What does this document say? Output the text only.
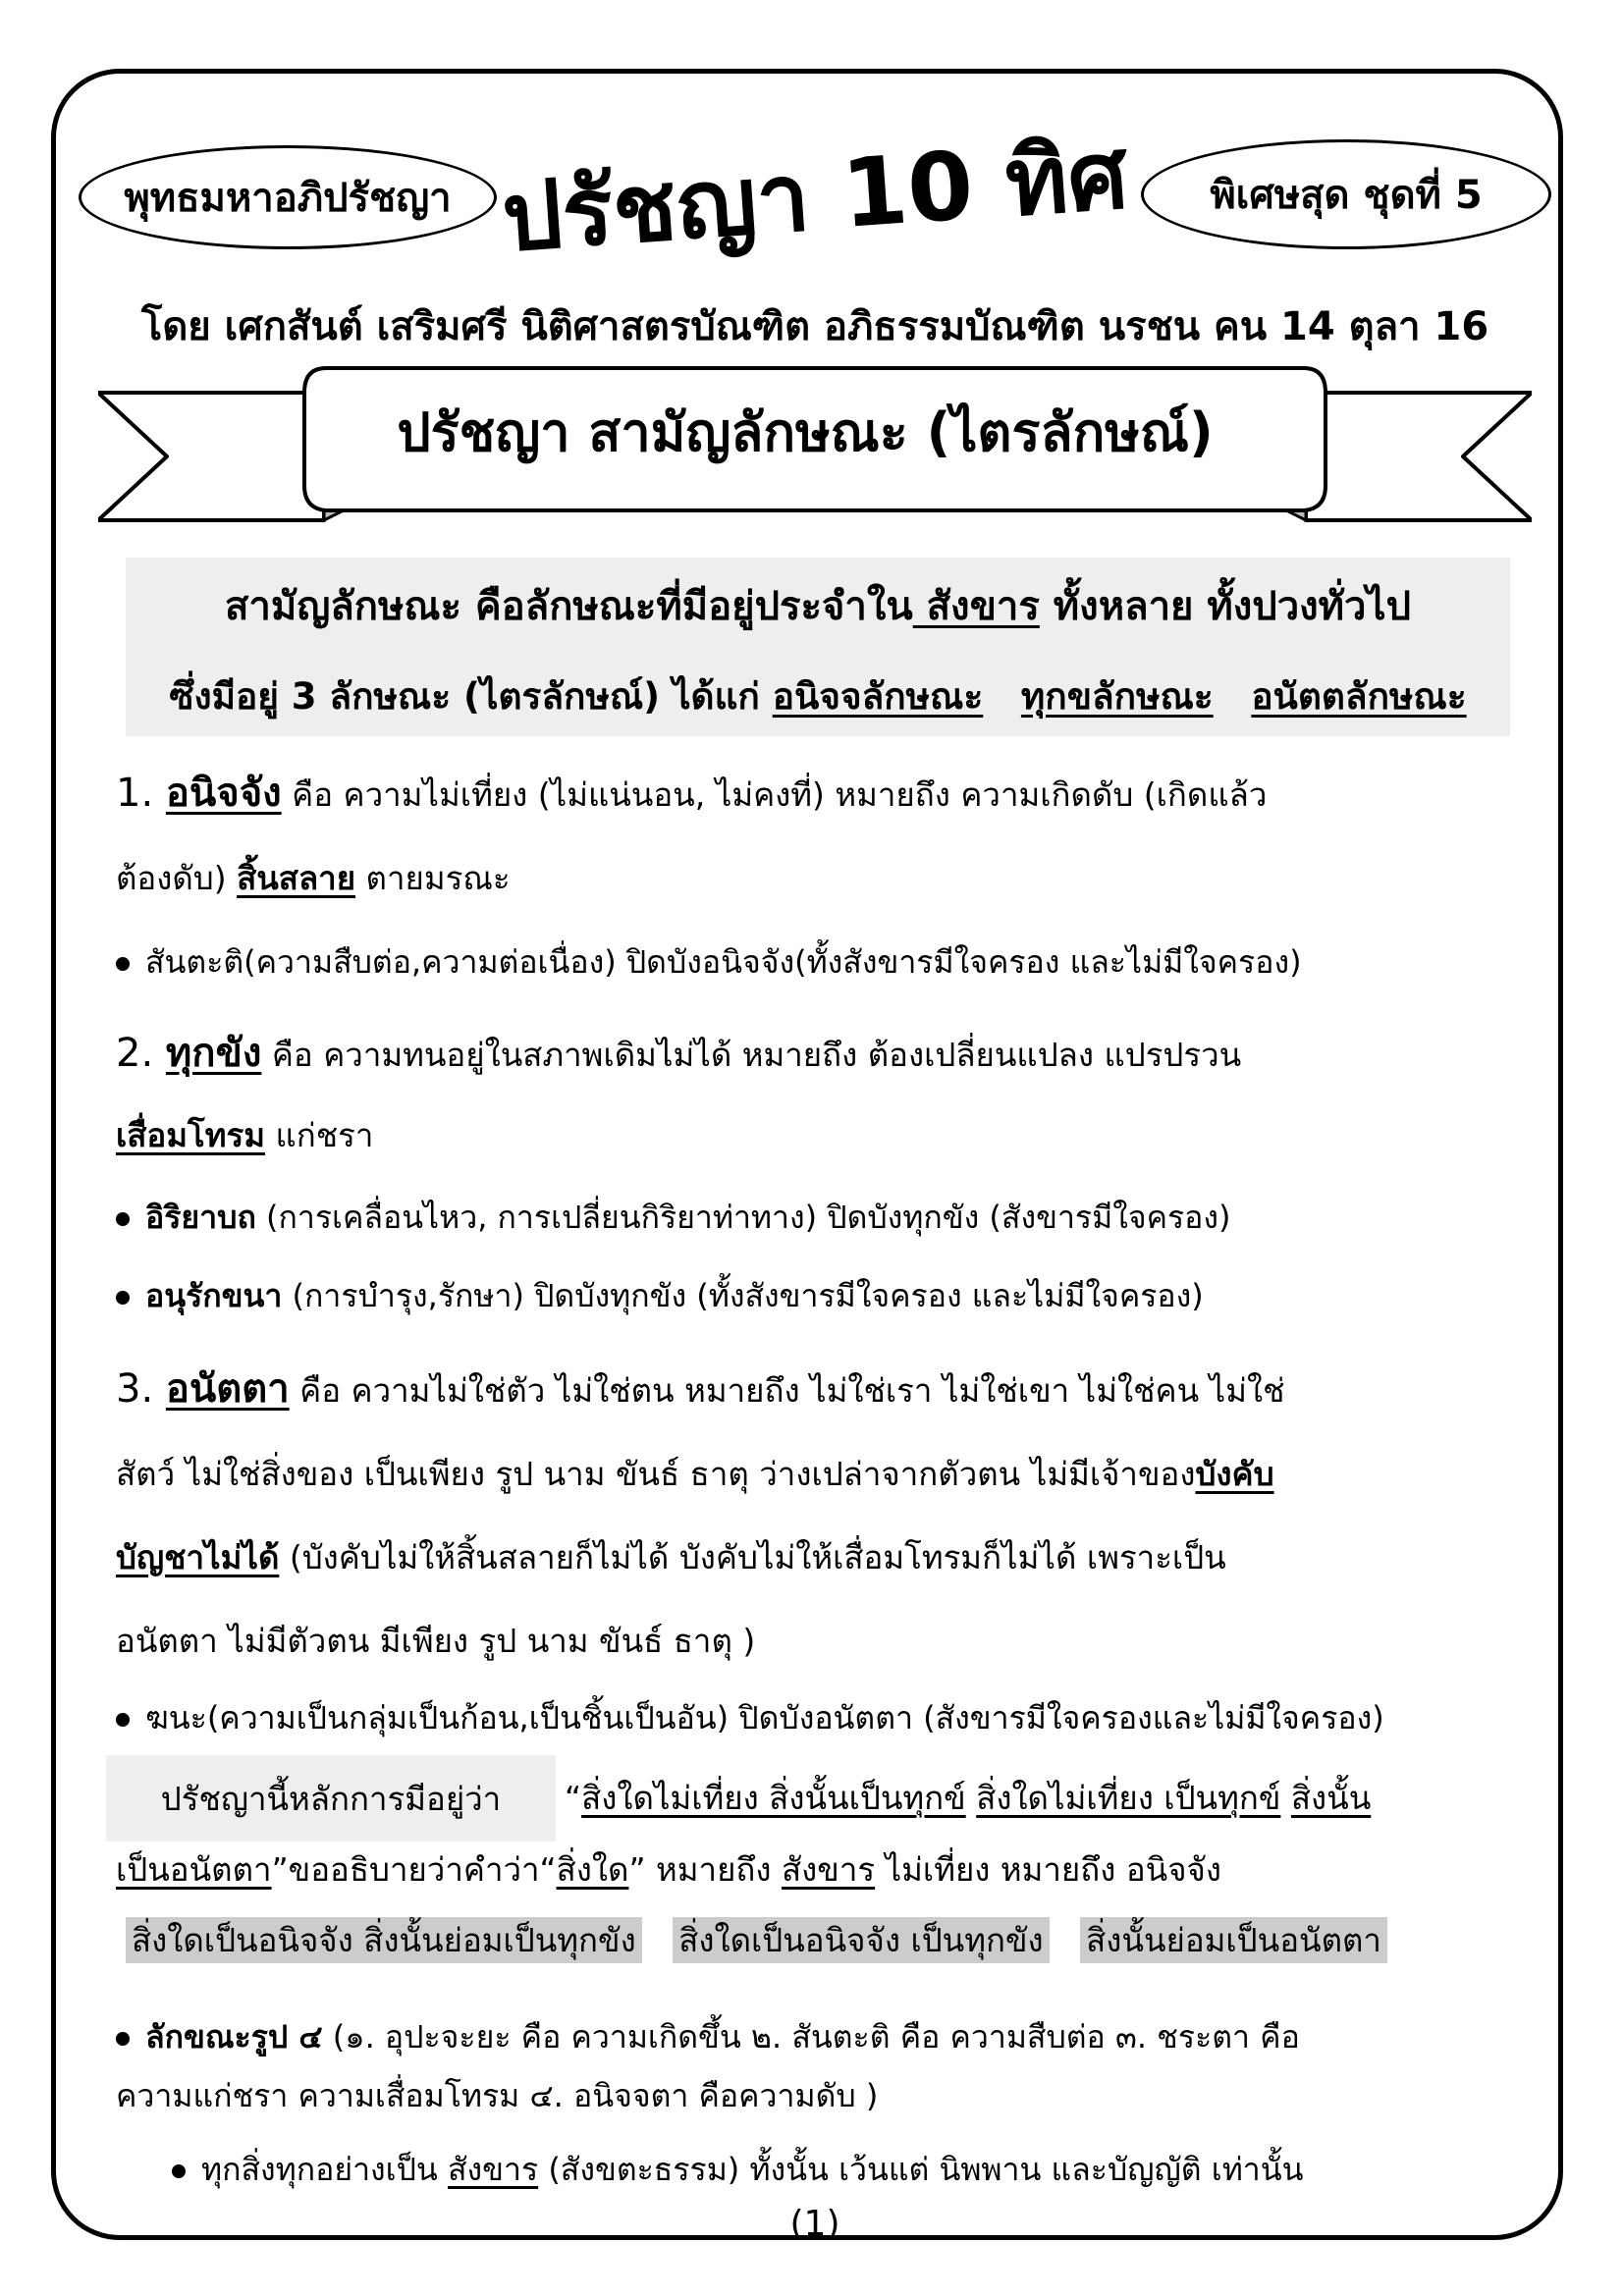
พุทธมหาอภิปรัชญา ปรัชญา 10 ทิศ พิเศษสุด ชุดที่ 5
โดย เศกสันต์ เสริมศรี นิติศาสตรบัณฑิต อภิธรรมบัณฑิต นรชน คน 14 ตุลา 16
ปรัชญา สามัญลักษณะ (ไตรลักษณ์)
สามัญลักษณะ คือลักษณะที่มีอยู่ประจำใน สังขาร ทั้งหลาย ทั้งปวงทั่วไป
ซึ่งมีอยู่ 3 ลักษณะ (ไตรลักษณ์) ได้แก่ อนิจจลักษณะ ทุกขลักษณะ อนัตตลักษณะ
1. อนิจจัง คือ ความไม่เที่ยง (ไม่แน่นอน, ไม่คงที่) หมายถึง ความเกิดดับ (เกิดแล้ว
ต้องดับ) สิ้นสลาย ตายมรณะ
สันตะติ(ความสืบต่อ,ความต่อเนื่อง) ปิดบังอนิจจัง(ทั้งสังขารมีใจครอง และไม่มีใจครอง)
2. ทุกขัง คือ ความทนอยู่ในสภาพเดิมไม่ได้ หมายถึง ต้องเปลี่ยนแปลง แปรปรวน
เสื่อมโทรม แก่ชรา
อิริยาบถ (การเคลื่อนไหว, การเปลี่ยนกิริยาท่าทาง) ปิดบังทุกขัง (สังขารมีใจครอง)
อนุรักขนา (การบำรุง,รักษา) ปิดบังทุกขัง (ทั้งสังขารมีใจครอง และไม่มีใจครอง)
3. อนัตตา คือ ความไม่ใช่ตัว ไม่ใช่ตน หมายถึง ไม่ใช่เรา ไม่ใช่เขา ไม่ใช่คน ไม่ใช่
สัตว์ ไม่ใช่สิ่งของ เป็นเพียง รูป นาม ขันธ์ ธาตุ ว่างเปล่าจากตัวตน ไม่มีเจ้าของบังคับ
บัญชาไม่ได้ (บังคับไม่ให้สิ้นสลายก็ไม่ได้ บังคับไม่ให้เสื่อมโทรมก็ไม่ได้ เพราะเป็น
อนัตตา ไม่มีตัวตน มีเพียง รูป นาม ขันธ์ ธาตุ )
ฆนะ(ความเป็นกลุ่มเป็นก้อน,เป็นชิ้นเป็นอัน) ปิดบังอนัตตา (สังขารมีใจครองและไม่มีใจครอง)
ปรัชญานี้หลักการมีอยู่ว่า	“สิ่งใดไม่เที่ยง สิ่งนั้นเป็นทุกข์ สิ่งใดไม่เที่ยง เป็นทุกข์ สิ่งนั้น
เป็นอนัตตา”ขออธิบายว่าคำว่า“สิ่งใด” หมายถึง สังขาร ไม่เที่ยง หมายถึง อนิจจัง
สิ่งใดเป็นอนิจจัง สิ่งนั้นย่อมเป็นทุกขัง สิ่งใดเป็นอนิจจัง เป็นทุกขัง สิ่งนั้นย่อมเป็นอนัตตา
ลักขณะรูป ๔ (๑. อุปะจะยะ คือ ความเกิดขึ้น ๒. สันตะติ คือ ความสืบต่อ ๓. ชระตา คือ
ความแก่ชรา ความเสื่อมโทรม ๔. อนิจจตา คือความดับ )
ทุกสิ่งทุกอย่างเป็น สังขาร (สังขตะธรรม) ทั้งนั้น เว้นแต่ นิพพาน และบัญญัติ เท่านั้น
(1)
